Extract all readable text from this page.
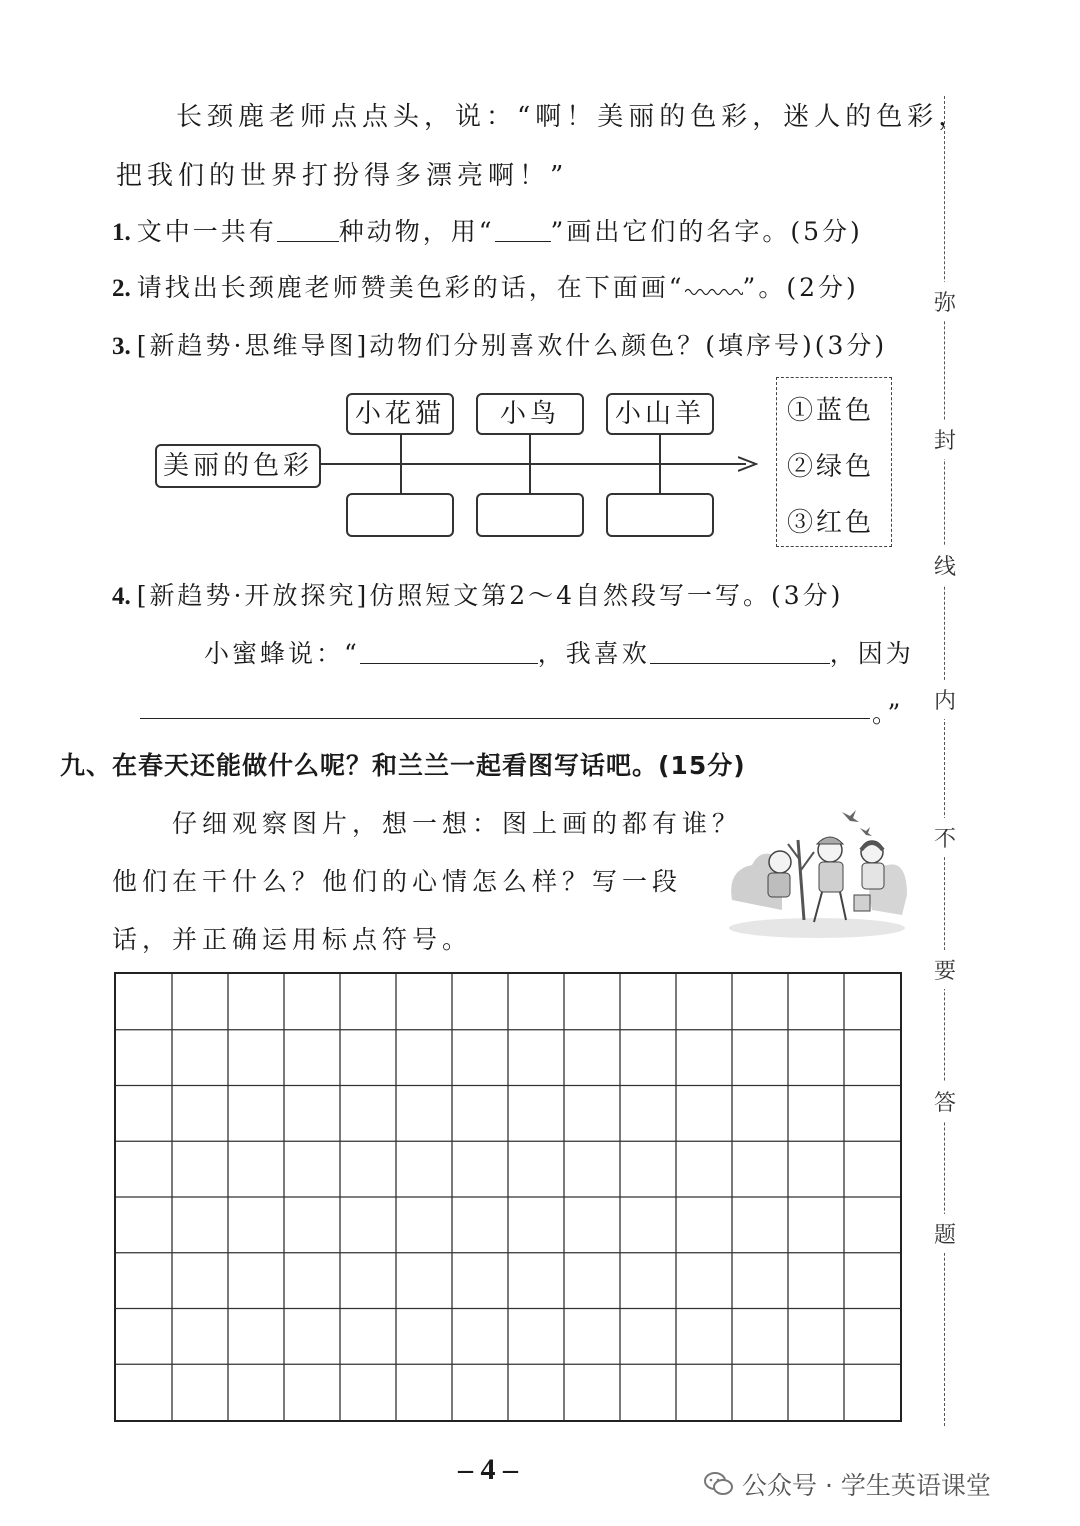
长颈鹿老师点点头，说：“啊！美丽的色彩，迷人的色彩，
把我们的世界打扮得多漂亮啊！”
1. 文中一共有 种动物，用“ ”画出它们的名字。(5分)
2. 请找出长颈鹿老师赞美色彩的话，在下面画“ ”。(2分)
3. [新趋势·思维导图]动物们分别喜欢什么颜色？(填序号)(3分)
美丽的色彩
小花猫	小鸟	小山羊	①蓝色
②绿色
③红色
4. [新趋势·开放探究]仿照短文第2～4自然段写一写。(3分)
小蜜蜂说：“	，我喜欢	，因为
。”
九、在春天还能做什么呢？和兰兰一起看图写话吧。(15分)
仔细观察图片，想一想：图上画的都有谁？
他们在干什么？他们的心情怎么样？写一段
话，并正确运用标点符号。
弥
封
线
内
不
要
答
题
– 4 –	公众号 · 学生英语课堂
